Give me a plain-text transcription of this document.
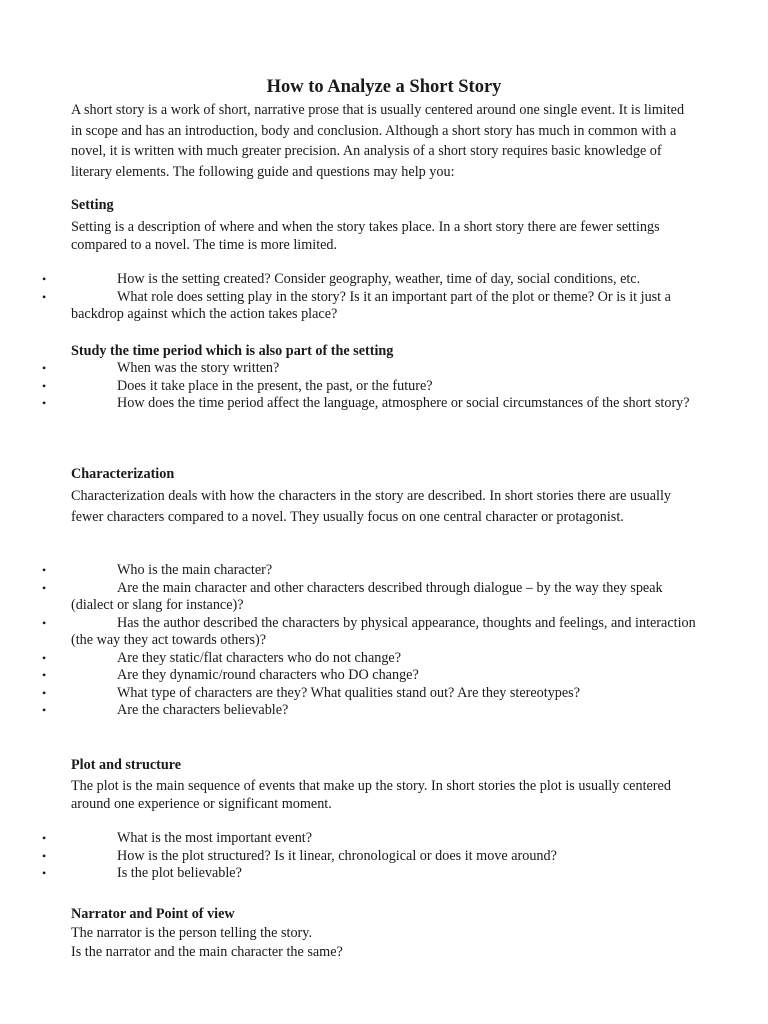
How to Analyze a Short Story

A short story is a work of short, narrative prose that is usually centered around one single event. It is limited in scope and has an introduction, body and conclusion. Although a short story has much in common with a novel, it is written with much greater precision. An analysis of a short story requires basic knowledge of literary elements. The following guide and questions may help you:

Setting

Setting is a description of where and when the story takes place. In a short story there are fewer settings compared to a novel. The time is more limited.

•	How is the setting created? Consider geography, weather, time of day, social conditions, etc.
•	What role does setting play in the story? Is it an important part of the plot or theme? Or is it just a backdrop against which the action takes place?
Study the time period which is also part of the setting
•	When was the story written?
•	Does it take place in the present, the past, or the future?
•	How does the time period affect the language, atmosphere or social circumstances of the short story?
Characterization

Characterization deals with how the characters in the story are described. In short stories there are usually fewer characters compared to a novel. They usually focus on one central character or protagonist.

•	Who is the main character?
•	Are the main character and other characters described through dialogue – by the way they speak (dialect or slang for instance)?
•	Has the author described the characters by physical appearance, thoughts and feelings, and interaction (the way they act towards others)?
•	Are they static/flat characters who do not change?
•	Are they dynamic/round characters who DO change?
•	What type of characters are they? What qualities stand out? Are they stereotypes?
•	Are the characters believable?
Plot and structure

The plot is the main sequence of events that make up the story. In short stories the plot is usually centered around one experience or significant moment.

•	What is the most important event?
•	How is the plot structured? Is it linear, chronological or does it move around?
•	Is the plot believable?
Narrator and Point of view

The narrator is the person telling the story.

Is the narrator and the main character the same?
